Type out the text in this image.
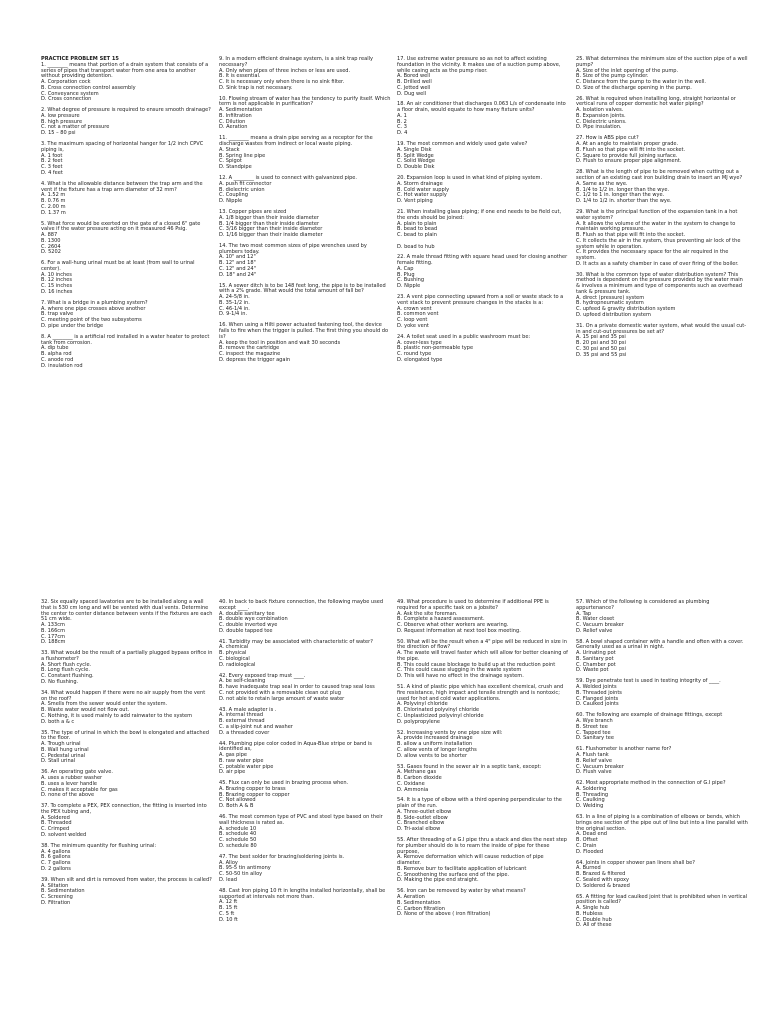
PRACTICE PROBLEM SET 15
1. ________ means that portion of a drain system that consists of a series of pipes that transport water from one area to another without providing detention.
A. Corporation cock
B. Cross connection control assembly
C. Conveyance system
D. Cross connection
2. What degree of pressure is required to ensure smooth drainage?
A. low pressure
B. high pressure
C. not a matter of pressure
D. 15 – 80 psi
3. The maximum spacing of horizontal hanger for 1/2 inch CPVC piping is,
A. 1 foot
B. 2 feet
C. 3 feet
D. 4 feet
4. What is the allowable distance between the trap arm and the vent if the fixture has a trap arm diameter of 32 mm?
A. 1.52 m
B. 0.76 m
C. 2.00 m
D. 1.37 m
5. What force would be exerted on the gate of a closed 6" gate valve if the water pressure acting on it measured 46 Psig.
A. 887
B. 1300
C. 2604
D. 5202
6. For a wall-hung urinal must be at least (from wall to urinal center).
A. 10 inches
B. 12 inches
C. 15 inches
D. 16 inches
7. What is a bridge in a plumbing system?
A. where one pipe crosses above another
B. trap valve
C. meeting point of the two subsystems
D. pipe under the bridge
8. A ________ is a artificial rod installed in a water heater to protect tank from corrosion.
A. dip tube
B. alpha rod
C. anode rod
D. insulation rod
9. In a modern efficient drainage system, is a sink trap really necessary?
A. Only when pipes of three inches or less are used.
B. It is essential.
C. It is necessary only when there is no sink filter.
D. Sink trap is not necessary.
10. Flowing stream of water has the tendency to purify itself. Which term is not applicable in purification?
A. Sedimentation
B. Infiltration
C. Dilution
D. Aeration
11. ________ means a drain pipe serving as a receptor for the discharge wastes from indirect or local waste piping.
A. Stack
B. Spring line pipe
C. Spigot
D. Standpipe
12. A ________ is used to connect with galvanized pipe.
A. push fit connector
B. dielectric union
C. Coupling
D. Nipple
13. Copper pipes are sized
A. 1/8 bigger than their inside diameter
B. 1/4 bigger than their inside diameter
C. 3/16 bigger than their inside diameter
D. 1/16 bigger than their inside diameter
14. The two most common sizes of pipe wrenches used by plumbers today.
A. 10" and 12"
B. 12" and 18"
C. 12" and 24"
D. 18" and 24"
15. A sewer ditch is to be 148 feet long, the pipe is to be installed with a 2% grade. What would the total amount of fall be?
A. 24-5/8 in.
B. 35-1/2 in.
C. 46-1/4 in.
D. 9-1/4 in.
16. When using a Hilti power actuated fastening tool, the device fails to fire when the trigger is pulled. The first thing you should do is?
A. keep the tool in position and wait 30 seconds
B. remove the cartridge
C. inspect the magazine
D. depress the trigger again
17. Use extreme water pressure so as not to affect existing foundation in the vicinity. It makes use of a suction pump above, while casing acts as the pump riser.
A. Bored well
B. Drilled well
C. Jetted well
D. Dug well
18. An air conditioner that discharges 0.063 L/s of condensate into a floor drain, would equate to how many fixture units?
A. 1
B. 2
C. 3
D. 4
19. The most common and widely used gate valve?
A. Single Disk
B. Split Wedge
C. Solid Wedge
D. Double Disk
20. Expansion loop is used in what kind of piping system.
A. Storm drainage
B. Cold water supply
C. Hot water supply
D. Vent piping
21. When installing glass piping; if one end needs to be field cut, the ends should be joined:
A. plain to plain
B. bead to bead
C. bead to plain

D. bead to hub
22. A male thread fitting with square head used for closing another female fitting.
A. Cap
B. Plug
C. Bushing
D. Nipple
23. A vent pipe connecting upward from a soil or waste stack to a vent stack to prevent pressure changes in the stacks is a:
A. crown vent
B. common vent
C. loop vent
D. yoke vent
24. A toilet seat used in a public washroom must be:
A. cover-less type
B. plastic non-permeable type
C. round type
D. elongated type
25. What determines the minimum size of the suction pipe of a well pump?
A. Size of the inlet opening of the pump.
B. Size of the pump cylinder.
C. Distance from the pump to the water in the well.
D. Size of the discharge opening in the pump.
26. What is required when installing long, straight horizontal or vertical runs of copper domestic hot water piping?
A. Isolation valves.
B. Expansion joints.
C. Dielectric unions.
D. Pipe insulation.
27. How is ABS pipe cut?
A. At an angle to maintain proper grade.
B. Flush so that pipe will fit into the socket.
C. Square to provide full joining surface.
D. Flush to ensure proper pipe alignment.
28. What is the length of pipe to be removed when cutting out a section of an existing cast iron building drain to insert an MJ wye?
A. Same as the wye.
B. 1/4 to 1/2 in. longer than the wye.
C. 1/2 to 1 in. longer than the wye.
D. 1/4 to 1/2 in. shorter than the wye.
29. What is the principal function of the expansion tank in a hot water system?
A. It allows the volume of the water in the system to change to maintain working pressure.
B. Flush so that pipe will fit into the socket.
C. It collects the air in the system, thus preventing air lock of the system while in operation.
C. It provides the necessary space for the air required in the system.
D. It acts as a safety chamber in case of over firing of the boiler.
30. What is the common type of water distribution system? This method is dependent on the pressure provided by the water main & involves a minimum and type of components such as overhead tank & pressure tank.
A. direct (pressure) system
B. hydropneumatic system
C. upfeed & gravity distribution system
D. upfeed distribution system
31. On a private domestic water system, what would the usual cut-in and cut-out pressures be set at?
A. 15 psi and 35 psi
B. 20 psi and 30 psi
C. 30 psi and 50 psi
D. 35 psi and 55 psi
32. Six equally spaced lavatories are to be installed along a wall that is 530 cm long and will be vented with dual vents. Determine the center to center distance between vents if the fixtures are each 51 cm wide.
A. 133cm
B. 166cm
C. 177cm
D. 188cm
33. What would be the result of a partially plugged bypass orifice in a flushometer?
A. Short flush cycle.
B. Long flush cycle.
C. Constant flushing.
D. No flushing.
34. What would happen if there were no air supply from the vent on the roof?
A. Smells from the sewer would enter the system.
B. Waste water would not flow out.
C. Nothing, it is used mainly to add rainwater to the system
D. both a & c
35. The type of urinal in which the bowl is elongated and attached to the floor.
A. Trough urinal
B. Wall hung urinal
C. Pedestal urinal
D. Stall urinal
36. An operating gate valve.
A. uses a rubber washer
B. uses a lever handle
C. makes it acceptable for gas
D. none of the above
37. To complete a PEX, PEX connection, the fitting is inserted into the PEX tubing and,
A. Soldered
B. Threaded
C. Crimped
D. solvent welded
38. The minimum quantity for flushing urinal:
A. 4 gallons
B. 6 gallons
C. 7 gallons
D. 2 gallons
39. When silt and dirt is removed from water, the process is called?
A. Siltation
B. Sedimentation
C. Screening
D. Filtration
40. In back to back fixture connection, the following maybe used except ____.
A. double sanitary tee
B. double wye combination
C. double inverted wye
D. double tapped tee
41. Turbidity may be associated with characteristic of water?
A. chemical
B. physical
C. biological
D. radiological
42. Every exposed trap must ____.
A. be self-cleaning
B. have inadequate trap seal in order to caused trap seal loss
C. not provided with a removable clean out plug
D. not able to retain large amount of waste water
43. A male adapter is .
A. internal thread
B. external thread
C. a slip-joint nut and washer
D. a threaded cover
44. Plumbing pipe color coded in Aqua-Blue stripe or band is identified as,
A. gas pipe
B. raw water pipe
C. potable water pipe
D. air pipe
45. Flux can only be used in brazing process when.
A. Brazing copper to brass
B. Brazing copper to copper
C. Not allowed
D. Both A & B
46. The most common type of PVC and steel type based on their wall thickness is rated as.
A. schedule 10
B. schedule 40
C. schedule 50
D. schedule 80
47. The best solder for brazing/soldering joints is.
A. Alloy
B. 95-5 tin antimony
C. 50-50 tin alloy
D. lead
48. Cast Iron piping 10 ft in lengths installed horizontally, shall be supported at intervals not more than.
A. 12 ft
B. 15 ft
C. 5 ft
D. 10 ft
49. What procedure is used to determine if additional PPE is required for a specific task on a jobsite?
A. Ask the site foreman.
B. Complete a hazard assessment.
C. Observe what other workers are wearing.
D. Request information at next tool box meeting.
50. What will be the result when a 4" pipe will be reduced in size in the direction of flow?
A. The waste will travel faster which will allow for better cleaning of the pipe.
B. This could cause blockage to build up at the reduction point
C. This could cause slugging in the waste system
D. This will have no effect in the drainage system.
51. A kind of plastic pipe which has excellent chemical, crush and fire resistance, high impact and tensile strength and is nontoxic; used for hot and cold water applications.
A. Polyvinyl chloride
B. Chlorinated polyvinyl chloride
C. Unplasticized polyvinyl chloride
D. polypropylene
52. Increasing vents by one pipe size will:
A. provide increased drainage
B. allow a uniform installation
C. allow vents of longer lengths
D. allow vents to be shorter
53. Gases found in the sewer air in a septic tank, except:
A. Methane gas
B. Carbon dioxide
C. Oxidane
D. Ammonia
54. It is a type of elbow with a third opening perpendicular to the plain of the run.
A. Three-outlet elbow
B. Side-outlet elbow
C. Branched elbow
D. Tri-axial elbow
55. After threading of a G.I pipe thru a stack and dies the next step for plumber should do is to ream the inside of pipe for these purpose,
A. Remove deformation which will cause reduction of pipe diameter.
B. Remove burr to facilitate application of lubricant
C. Smoothening the surface end of the pipe.
D. Making the pipe end straight.
56. Iron can be removed by water by what means?
A. Aeration
B. Sedimentation
C. Carbon filtration
D. None of the above ( iron filtration)
57. Which of the following is considered as plumbing appurtenance?
A. Tap
B. Water closet
C. Vacuum breaker
D. Relief valve
58. A bowl shaped container with a handle and often with a cover. Generally used as a urinal in night.
A. Urinating pot
B. Sanitary pot
C. Chamber pot
D. Waste pot
59. Dye penetrate test is used in testing integrity of ____.
A. Welded joints
B. Threaded joints
C. Flanged joints
D. Caulked joints
60. The following are example of drainage fittings, except
A. Wye branch
B. Street tee
C. Tapped tee
D. Sanitary tee
61. Flushometer is another name for?
A. Flush tank
B. Relief valve
C. Vacuum breaker
D. Flush valve
62. Most appropriate method in the connection of G.I pipe?
A. Soldering
B. Threading
C. Caulking
D. Welding
63. In a line of piping is a combination of elbows or bends, which brings one section of the pipe out of line but into a line parallel with the original section.
A. Dead end
B. Offset
C. Drain
D. Flooded
64. Joints in copper shower pan liners shall be?
A. Burned
B. Brazed & filtered
C. Sealed with epoxy
D. Soldered & brazed
65. A fitting for lead caulked joint that is prohibited when in vertical position is called?
A. Single hub
B. Hubless
C. Double hub
D. All of these
